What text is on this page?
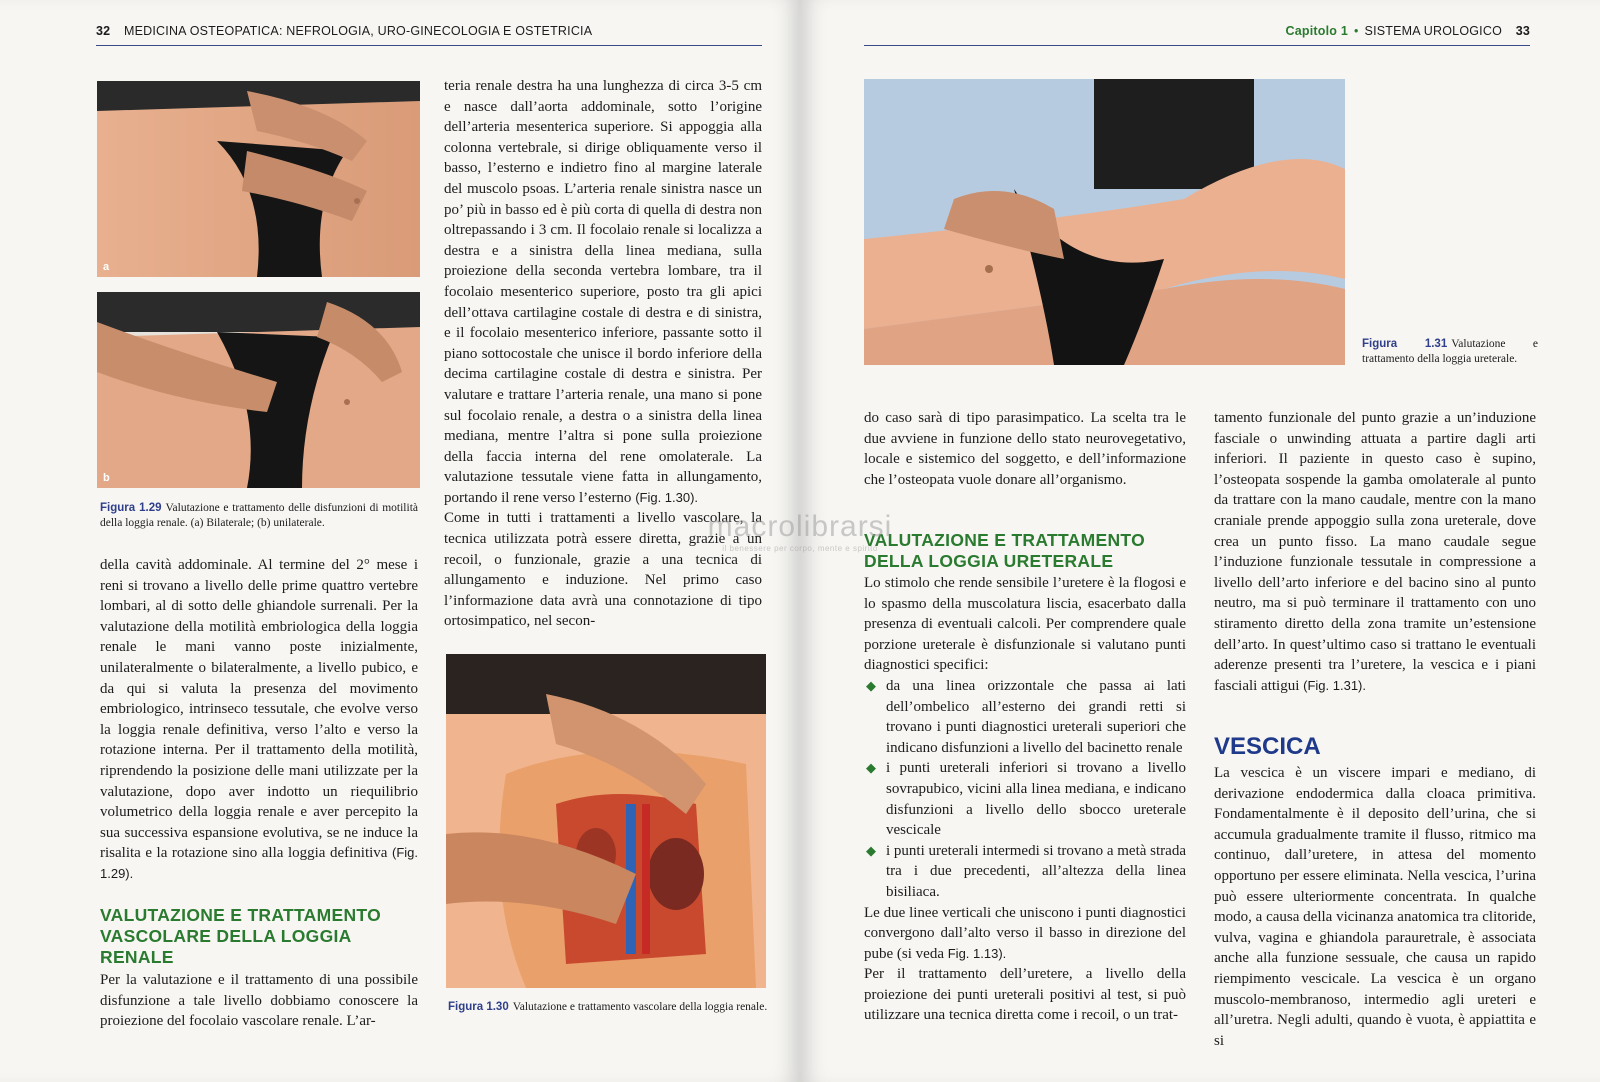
32 MEDICINA OSTEOPATICA: NEFROLOGIA, URO-GINECOLOGIA E OSTETRICIA
a
b
Figura 1.29 Valutazione e trattamento delle disfunzioni di motilità della loggia renale. (a) Bilaterale; (b) unilaterale.

della cavità addominale. Al termine del 2° mese i reni si trovano a livello delle prime quattro vertebre lombari, al di sotto delle ghiandole surrenali. Per la valutazione della motilità embriologica della loggia renale le mani vanno poste inizialmente, unilateralmente o bilateralmente, a livello pubico, e da qui si valuta la presenza del movimento embriologico, intrinseco tessutale, che evolve verso la loggia renale definitiva, verso l’alto e verso la rotazione interna. Per il trattamento della motilità, riprendendo la posizione delle mani utilizzate per la valutazione, dopo aver indotto un riequilibrio volumetrico della loggia renale e aver percepito la sua successiva espansione evolutiva, se ne induce la risalita e la rotazione sino alla loggia definitiva (Fig. 1.29).

VALUTAZIONE E TRATTAMENTO VASCOLARE DELLA LOGGIA RENALE

Per la valutazione e il trattamento di una possibile disfunzione a tale livello dobbiamo conoscere la proiezione del focolaio vascolare renale. L’ar-

teria renale destra ha una lunghezza di circa 3-5 cm e nasce dall’aorta addominale, sotto l’origine dell’arteria mesenterica superiore. Si appoggia alla colonna vertebrale, si dirige obliquamente verso il basso, l’esterno e indietro fino al margine laterale del muscolo psoas. L’arteria renale sinistra nasce un po’ più in basso ed è più corta di quella di destra non oltrepassando i 3 cm. Il focolaio renale si localizza a destra e a sinistra della linea mediana, sulla proiezione della seconda vertebra lombare, tra il focolaio mesenterico superiore, posto tra gli apici dell’ottava cartilagine costale di destra e di sinistra, e il focolaio mesenterico inferiore, passante sotto il piano sottocostale che unisce il bordo inferiore della decima cartilagine costale di destra e sinistra. Per valutare e trattare l’arteria renale, una mano si pone sul focolaio renale, a destra o a sinistra della linea mediana, mentre l’altra si pone sulla proiezione della faccia interna del rene omolaterale. La valutazione tessutale viene fatta in allungamento, portando il rene verso l’esterno (Fig. 1.30).

Come in tutti i trattamenti a livello vascolare, la tecnica utilizzata potrà essere diretta, grazie a un recoil, o funzionale, grazie a una tecnica di allungamento e induzione. Nel primo caso l’informazione data avrà una connotazione di tipo ortosimpatico, nel secon-

Figura 1.30 Valutazione e trattamento vascolare della loggia renale.
Capitolo 1 • SISTEMA UROLOGICO 33
Figura 1.31 Valutazione e trattamento della loggia ureterale.

do caso sarà di tipo parasimpatico. La scelta tra le due avviene in funzione dello stato neurovegetativo, locale e sistemico del soggetto, e dell’informazione che l’osteopata vuole donare all’organismo.

VALUTAZIONE E TRATTAMENTO DELLA LOGGIA URETERALE

Lo stimolo che rende sensibile l’uretere è la flogosi e lo spasmo della muscolatura liscia, esacerbato dalla presenza di eventuali calcoli. Per comprendere quale porzione ureterale è disfunzionale si valutano punti diagnostici specifici:

◆ da una linea orizzontale che passa ai lati dell’ombelico all’esterno dei grandi retti si trovano i punti diagnostici ureterali superiori che indicano disfunzioni a livello del bacinetto renale
◆ i punti ureterali inferiori si trovano a livello sovrapubico, vicini alla linea mediana, e indicano disfunzioni a livello dello sbocco ureterale vescicale
◆ i punti ureterali intermedi si trovano a metà strada tra i due precedenti, all’altezza della linea bisiliaca.

Le due linee verticali che uniscono i punti diagnostici convergono dall’alto verso il basso in direzione del pube (si veda Fig. 1.13).

Per il trattamento dell’uretere, a livello della proiezione dei punti ureterali positivi al test, si può utilizzare una tecnica diretta come i recoil, o un trat-

tamento funzionale del punto grazie a un’induzione fasciale o unwinding attuata a partire dagli arti inferiori. Il paziente in questo caso è supino, l’osteopata sospende la gamba omolaterale al punto da trattare con la mano caudale, mentre con la mano craniale prende appoggio sulla zona ureterale, dove crea un punto fisso. La mano caudale segue l’induzione funzionale tessutale in compressione a livello dell’arto inferiore e del bacino sino al punto neutro, ma si può terminare il trattamento con uno stiramento diretto della zona tramite un’estensione dell’arto. In quest’ultimo caso si trattano le eventuali aderenze presenti tra l’uretere, la vescica e i piani fasciali attigui (Fig. 1.31).

VESCICA

La vescica è un viscere impari e mediano, di derivazione endodermica dalla cloaca primitiva. Fondamentalmente è il deposito dell’urina, che si accumula gradualmente tramite il flusso, ritmico ma continuo, dall’uretere, in attesa del momento opportuno per essere eliminata. Nella vescica, l’urina può essere ulteriormente concentrata. In qualche modo, a causa della vicinanza anatomica tra clitoride, vulva, vagina e ghiandola parauretrale, è associata anche alla funzione sessuale, che causa un rapido riempimento vescicale. La vescica è un organo muscolo-membranoso, intermedio agli ureteri e all’uretra. Negli adulti, quando è vuota, è appiattita e si

macrolibrarsi
il benessere per corpo, mente e spirito
